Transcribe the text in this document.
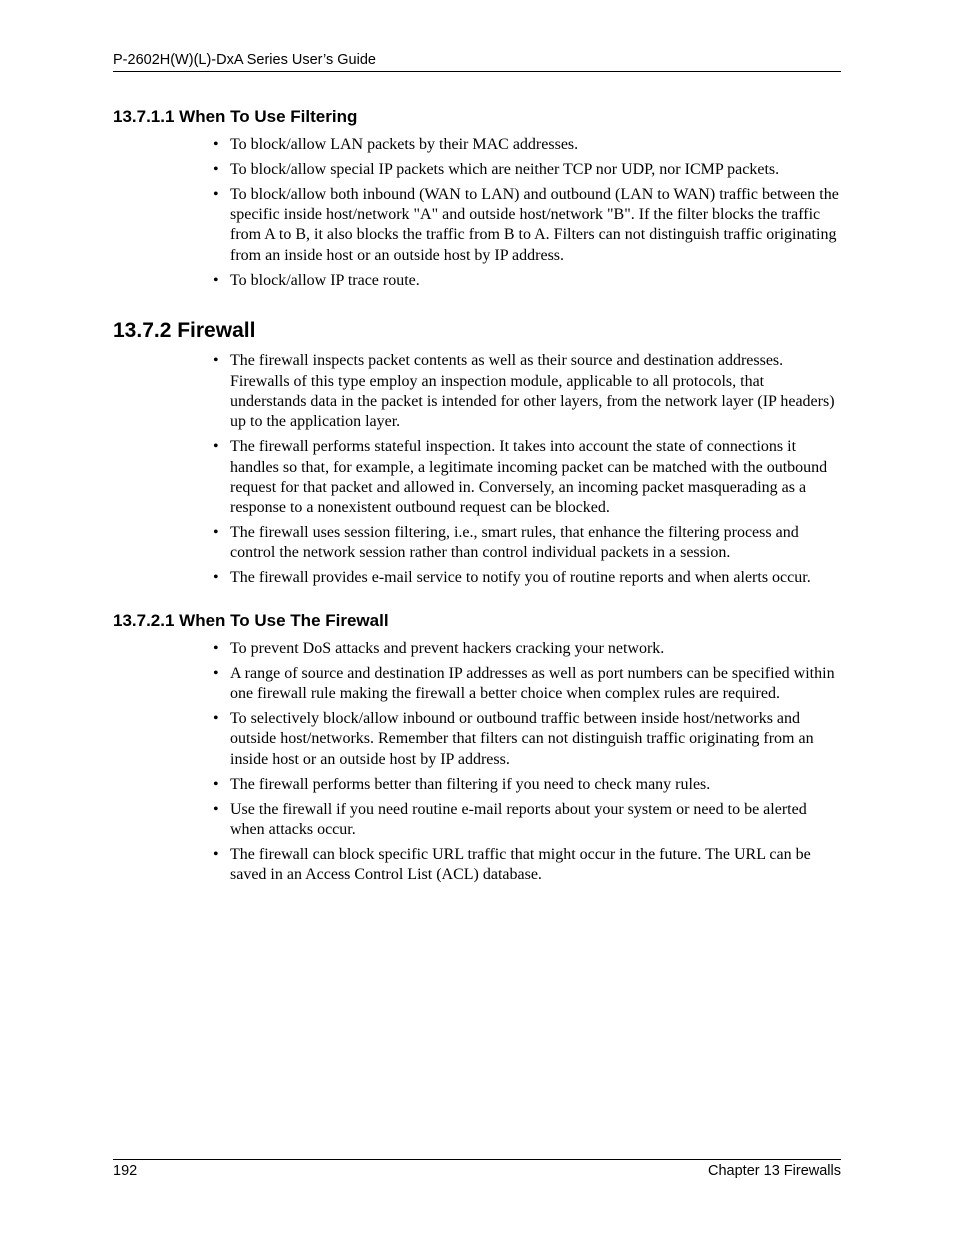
P-2602H(W)(L)-DxA Series User’s Guide
13.7.1.1 When To Use Filtering
• To block/allow LAN packets by their MAC addresses.
• To block/allow special IP packets which are neither TCP nor UDP, nor ICMP packets.
• To block/allow both inbound (WAN to LAN) and outbound (LAN to WAN) traffic between the specific inside host/network "A" and outside host/network "B". If the filter blocks the traffic from A to B, it also blocks the traffic from B to A. Filters can not distinguish traffic originating from an inside host or an outside host by IP address.
• To block/allow IP trace route.
13.7.2 Firewall
• The firewall inspects packet contents as well as their source and destination addresses. Firewalls of this type employ an inspection module, applicable to all protocols, that understands data in the packet is intended for other layers, from the network layer (IP headers) up to the application layer.
• The firewall performs stateful inspection. It takes into account the state of connections it handles so that, for example, a legitimate incoming packet can be matched with the outbound request for that packet and allowed in. Conversely, an incoming packet masquerading as a response to a nonexistent outbound request can be blocked.
• The firewall uses session filtering, i.e., smart rules, that enhance the filtering process and control the network session rather than control individual packets in a session.
• The firewall provides e-mail service to notify you of routine reports and when alerts occur.
13.7.2.1 When To Use The Firewall
• To prevent DoS attacks and prevent hackers cracking your network.
• A range of source and destination IP addresses as well as port numbers can be specified within one firewall rule making the firewall a better choice when complex rules are required.
• To selectively block/allow inbound or outbound traffic between inside host/networks and outside host/networks. Remember that filters can not distinguish traffic originating from an inside host or an outside host by IP address.
• The firewall performs better than filtering if you need to check many rules.
• Use the firewall if you need routine e-mail reports about your system or need to be alerted when attacks occur.
• The firewall can block specific URL traffic that might occur in the future. The URL can be saved in an Access Control List (ACL) database.
192	Chapter 13 Firewalls
